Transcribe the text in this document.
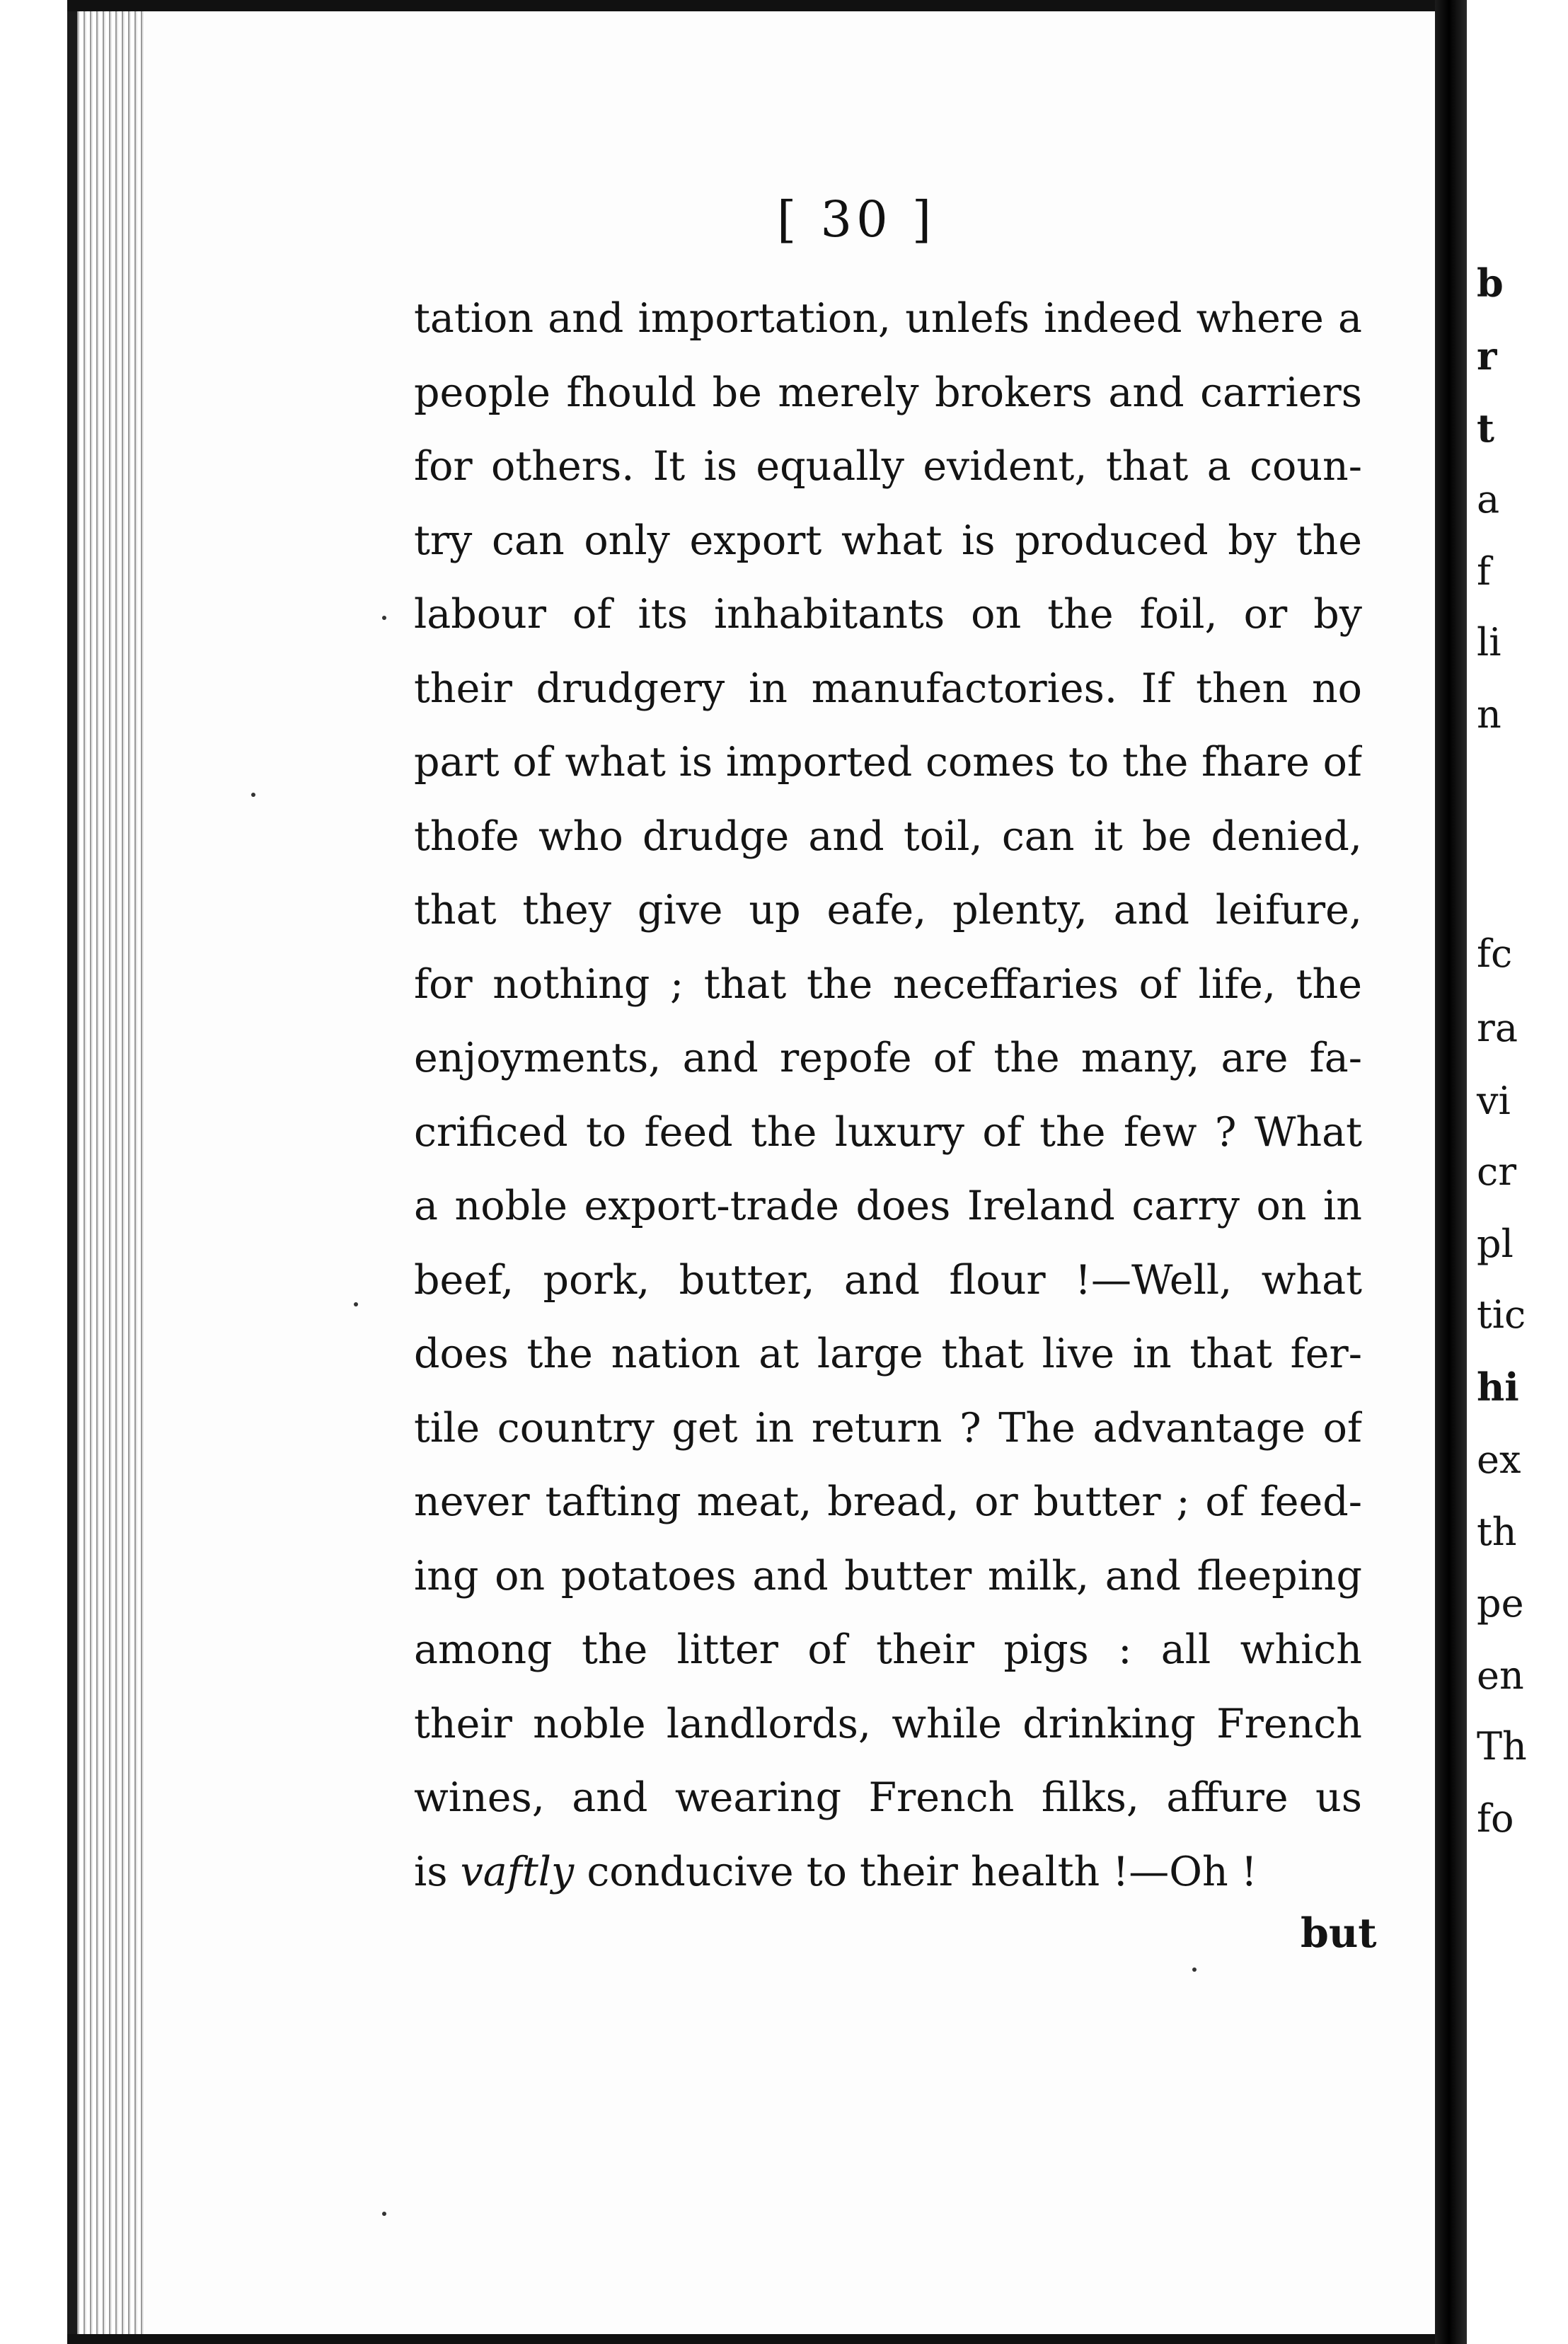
[ 30 ]
tation and importation, unlefs indeed where a
people fhould be merely brokers and carriers
for others. It is equally evident, that a coun-
try can only export what is produced by the
labour of its inhabitants on the foil, or by
their drudgery in manufactories. If then no
part of what is imported comes to the fhare of
thofe who drudge and toil, can it be denied,
that they give up eafe, plenty, and leifure,
for nothing ; that the neceffaries of life, the
enjoyments, and repofe of the many, are fa-
crificed to feed the luxury of the few ? What
a noble export-trade does Ireland carry on in
beef, pork, butter, and flour !—Well, what
does the nation at large that live in that fer-
tile country get in return ? The advantage of
never tafting meat, bread, or butter ; of feed-
ing on potatoes and butter milk, and fleeping
among the litter of their pigs : all which
their noble landlords, while drinking French
wines, and wearing French filks, affure us
is vaftly conducive to their health !—Oh !
but
b
r
t
a
f
li
n
fc
ra
vi
cr
pl
tic
hi
ex
th
pe
en
Th
fo
